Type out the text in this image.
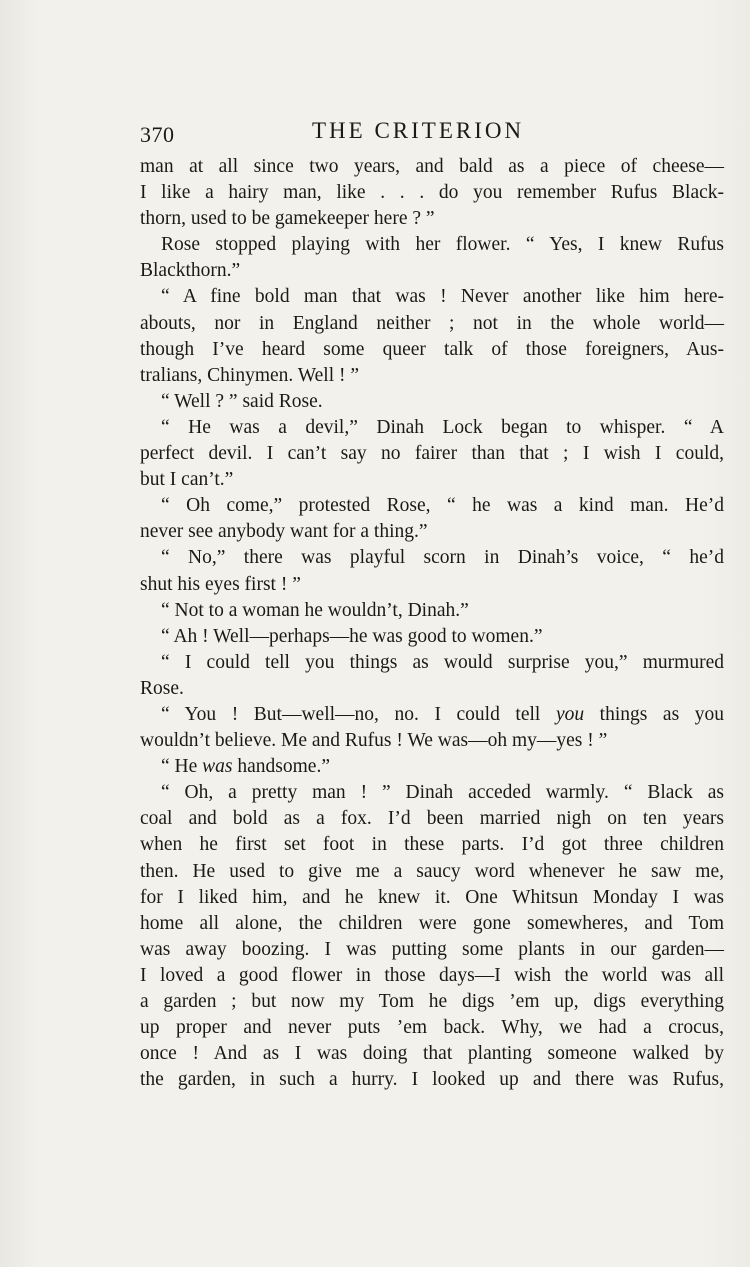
370	THE CRITERION

man at all since two years, and bald as a piece of cheese—
I like a hairy man, like . . . do you remember Rufus Black-
thorn, used to be gamekeeper here ? ”

Rose stopped playing with her flower. “ Yes, I knew Rufus
Blackthorn.”

“ A fine bold man that was ! Never another like him here-
abouts, nor in England neither ; not in the whole world—
though I’ve heard some queer talk of those foreigners, Aus-
tralians, Chinymen. Well ! ”

“ Well ? ” said Rose.

“ He was a devil,” Dinah Lock began to whisper. “ A
perfect devil. I can’t say no fairer than that ; I wish I could,
but I can’t.”

“ Oh come,” protested Rose, “ he was a kind man. He’d
never see anybody want for a thing.”

“ No,” there was playful scorn in Dinah’s voice, “ he’d
shut his eyes first ! ”

“ Not to a woman he wouldn’t, Dinah.”

“ Ah ! Well—perhaps—he was good to women.”

“ I could tell you things as would surprise you,” murmured
Rose.

“ You ! But—well—no, no. I could tell you things as you
wouldn’t believe. Me and Rufus ! We was—oh my—yes ! ”

“ He was handsome.”

“ Oh, a pretty man ! ” Dinah acceded warmly. “ Black as
coal and bold as a fox. I’d been married nigh on ten years
when he first set foot in these parts. I’d got three children
then. He used to give me a saucy word whenever he saw me,
for I liked him, and he knew it. One Whitsun Monday I was
home all alone, the children were gone somewheres, and Tom
was away boozing. I was putting some plants in our garden—
I loved a good flower in those days—I wish the world was all
a garden ; but now my Tom he digs ’em up, digs everything
up proper and never puts ’em back. Why, we had a crocus,
once ! And as I was doing that planting someone walked by
the garden, in such a hurry. I looked up and there was Rufus,
